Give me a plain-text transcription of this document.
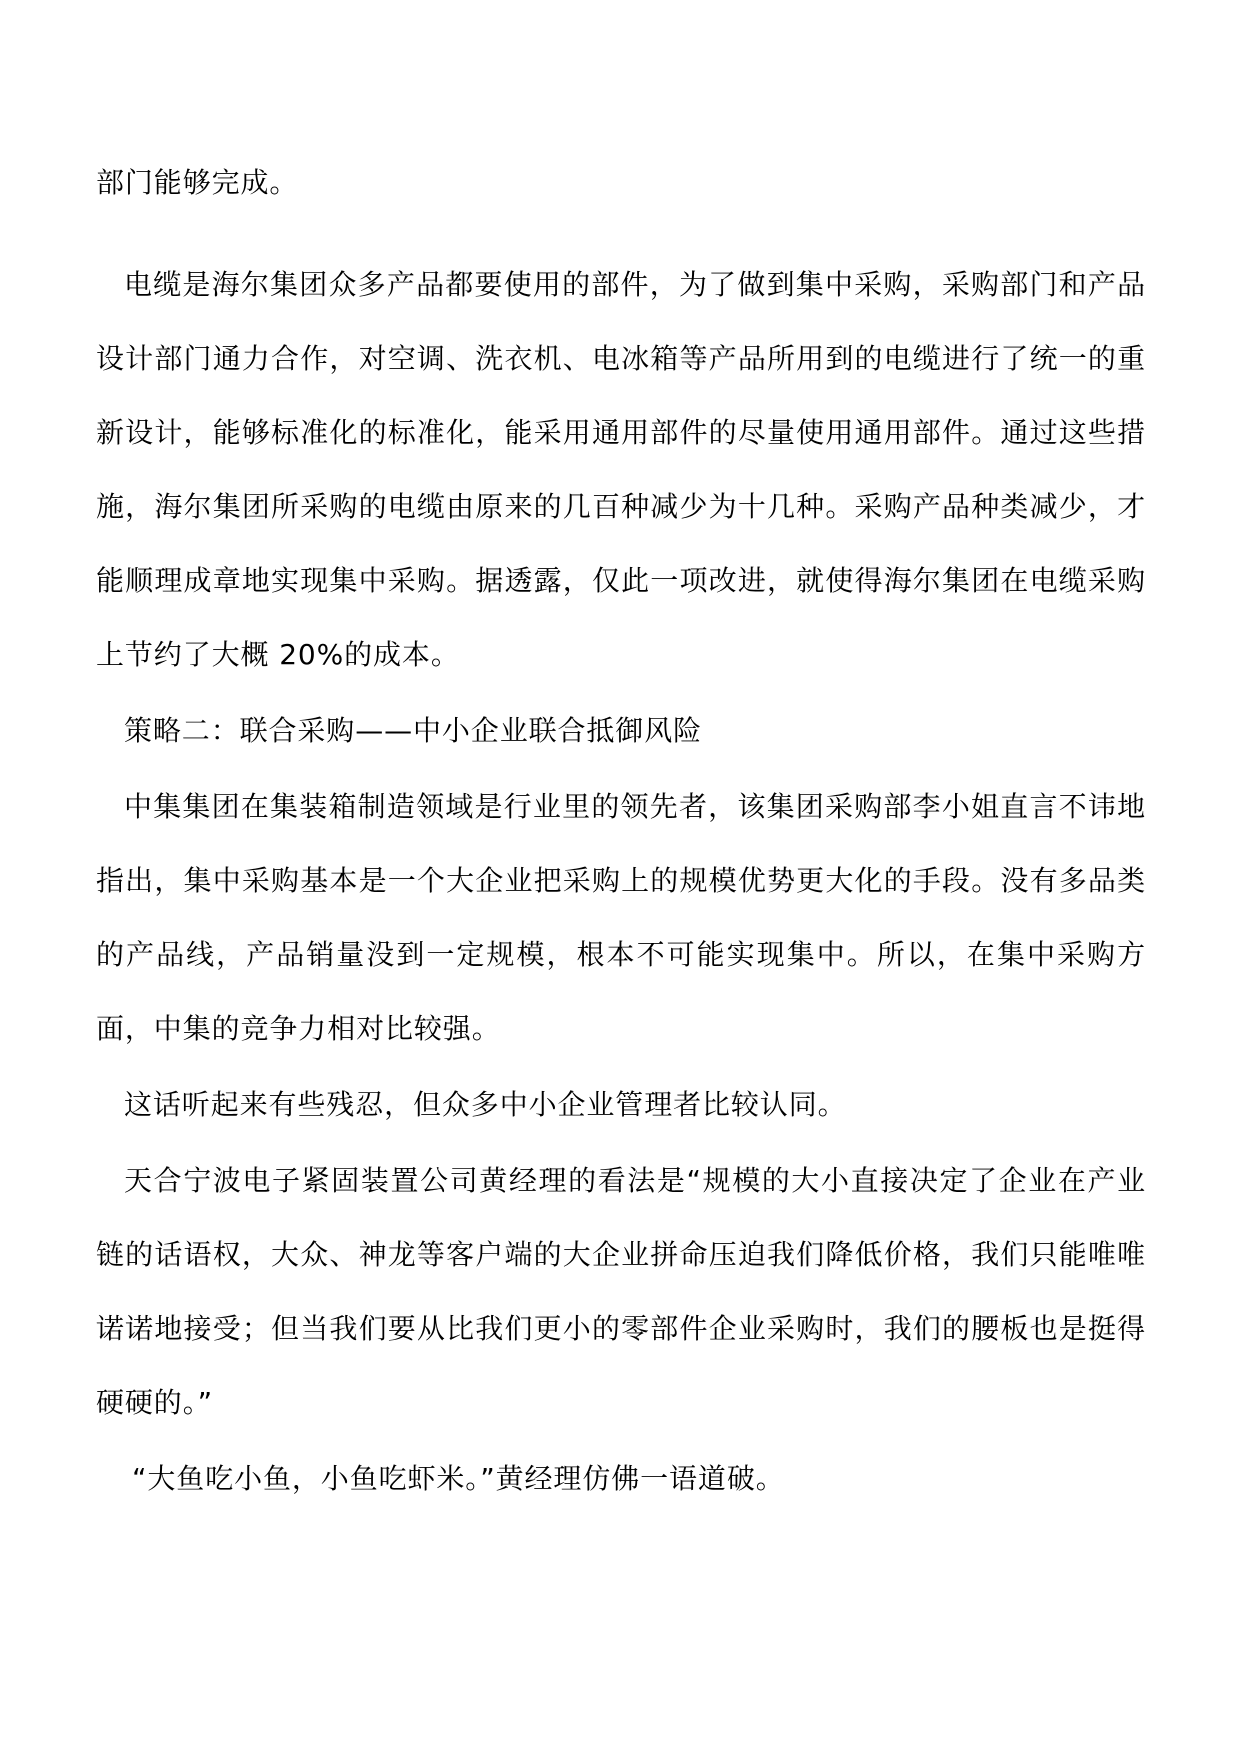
部门能够完成。

电缆是海尔集团众多产品都要使用的部件，为了做到集中采购，采购部门和产品设计部门通力合作，对空调、洗衣机、电冰箱等产品所用到的电缆进行了统一的重新设计，能够标准化的标准化，能采用通用部件的尽量使用通用部件。通过这些措施，海尔集团所采购的电缆由原来的几百种减少为十几种。采购产品种类减少，才能顺理成章地实现集中采购。据透露，仅此一项改进，就使得海尔集团在电缆采购上节约了大概 20%的成本。

策略二：联合采购——中小企业联合抵御风险

中集集团在集装箱制造领域是行业里的领先者，该集团采购部李小姐直言不讳地指出，集中采购基本是一个大企业把采购上的规模优势更大化的手段。没有多品类的产品线，产品销量没到一定规模，根本不可能实现集中。所以，在集中采购方面，中集的竞争力相对比较强。

这话听起来有些残忍，但众多中小企业管理者比较认同。

天合宁波电子紧固装置公司黄经理的看法是“规模的大小直接决定了企业在产业链的话语权，大众、神龙等客户端的大企业拼命压迫我们降低价格，我们只能唯唯诺诺地接受；但当我们要从比我们更小的零部件企业采购时，我们的腰板也是挺得硬硬的。”

“大鱼吃小鱼，小鱼吃虾米。”黄经理仿佛一语道破。
